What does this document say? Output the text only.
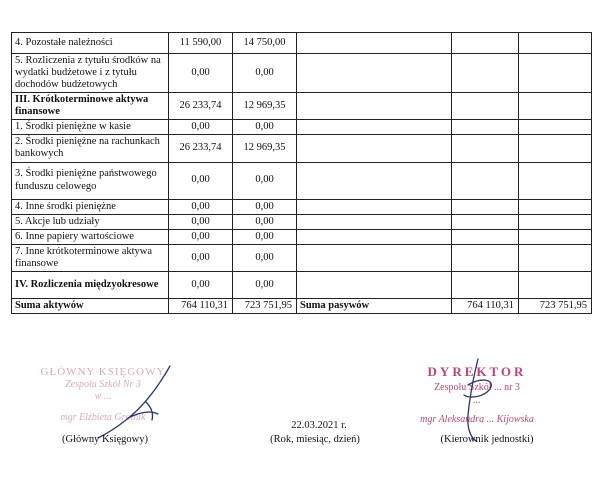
4. Pozostałe należności	11 590,00	14 750,00			
5. Rozliczenia z tytułu środków na wydatki budżetowe i z tytułu dochodów budżetowych	0,00	0,00			
III. Krótkoterminowe aktywa finansowe	26 233,74	12 969,35			
1. Środki pieniężne w kasie	0,00	0,00			
2. Środki pieniężne na rachunkach bankowych	26 233,74	12 969,35			
3. Środki pieniężne państwowego funduszu celowego	0,00	0,00			
4. Inne środki pieniężne	0,00	0,00			
5. Akcje lub udziały	0,00	0,00			
6. Inne papiery wartościowe	0,00	0,00			
7. Inne krótkoterminowe aktywa finansowe	0,00	0,00			
IV. Rozliczenia międzyokresowe	0,00	0,00			
Suma aktywów	764 110,31	723 751,95	Suma pasywów	764 110,31	723 751,95
GŁÓWNY KSIĘGOWY
Zespołu Szkół Nr 3
w ...
mgr Elżbieta Gralnik
DYREKTOR
Zespołu Szkół ... nr 3
...
mgr Aleksandra ... Kijowska
22.03.2021 r.
(Główny Księgowy)	(Rok, miesiąc, dzień)	(Kierownik jednostki)
